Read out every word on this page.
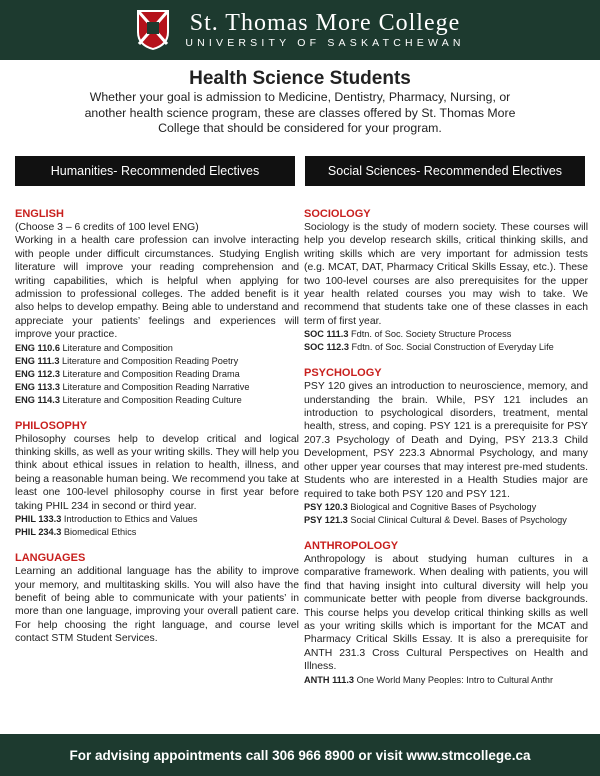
St. Thomas More College
UNIVERSITY OF SASKATCHEWAN
Health Science Students
Whether your goal is admission to Medicine, Dentistry, Pharmacy, Nursing, or another health science program, these are classes offered by St. Thomas More College that should be considered for your program.
Humanities- Recommended Electives	Social Sciences- Recommended Electives
ENGLISH
(Choose 3 – 6 credits of 100 level ENG)
Working in a health care profession can involve interacting with people under difficult circumstances. Studying English literature will improve your reading comprehension and writing capabilities, which is helpful when applying for admission to professional colleges. The added benefit is it also helps to develop empathy. Being able to understand and appreciate your patients’ feelings and experiences will improve your practice.
ENG 110.6 Literature and Composition
ENG 111.3 Literature and Composition Reading Poetry
ENG 112.3 Literature and Composition Reading Drama
ENG 113.3 Literature and Composition Reading Narrative
ENG 114.3 Literature and Composition Reading Culture
PHILOSOPHY
Philosophy courses help to develop critical and logical thinking skills, as well as your writing skills. They will help you think about ethical issues in relation to health, illness, and being a reasonable human being. We recommend you take at least one 100-level philosophy course in first year before taking PHIL 234 in second or third year.
PHIL 133.3 Introduction to Ethics and Values
PHIL 234.3 Biomedical Ethics
LANGUAGES
Learning an additional language has the ability to improve your memory, and multitasking skills. You will also have the benefit of being able to communicate with your patients’ in more than one language, improving your overall patient care. For help choosing the right language, and course level contact STM Student Services.
SOCIOLOGY
Sociology is the study of modern society. These courses will help you develop research skills, critical thinking skills, and writing skills which are very important for admission tests (e.g. MCAT, DAT, Pharmacy Critical Skills Essay, etc.). These two 100-level courses are also prerequisites for the upper year health related courses you may wish to take. We recommend that students take one of these classes in each term of first year.
SOC 111.3 Fdtn. of Soc. Society Structure Process
SOC 112.3 Fdtn. of Soc. Social Construction of Everyday Life
PSYCHOLOGY
PSY 120 gives an introduction to neuroscience, memory, and understanding the brain. While, PSY 121 includes an introduction to psychological disorders, treatment, mental health, stress, and coping. PSY 121 is a prerequisite for PSY 207.3 Psychology of Death and Dying, PSY 213.3 Child Development, PSY 223.3 Abnormal Psychology, and many other upper year courses that may interest pre-med students. Students who are interested in a Health Studies major are required to take both PSY 120 and PSY 121.
PSY 120.3 Biological and Cognitive Bases of Psychology
PSY 121.3 Social Clinical Cultural & Devel. Bases of Psychology
ANTHROPOLOGY
Anthropology is about studying human cultures in a comparative framework. When dealing with patients, you will find that having insight into cultural diversity will help you communicate better with people from diverse backgrounds. This course helps you develop critical thinking skills as well as your writing skills which is important for the MCAT and Pharmacy Critical Skills Essay. It is also a prerequisite for ANTH 231.3 Cross Cultural Perspectives on Health and Illness.
ANTH 111.3 One World Many Peoples: Intro to Cultural Anthr
For advising appointments call 306 966 8900 or visit www.stmcollege.ca
